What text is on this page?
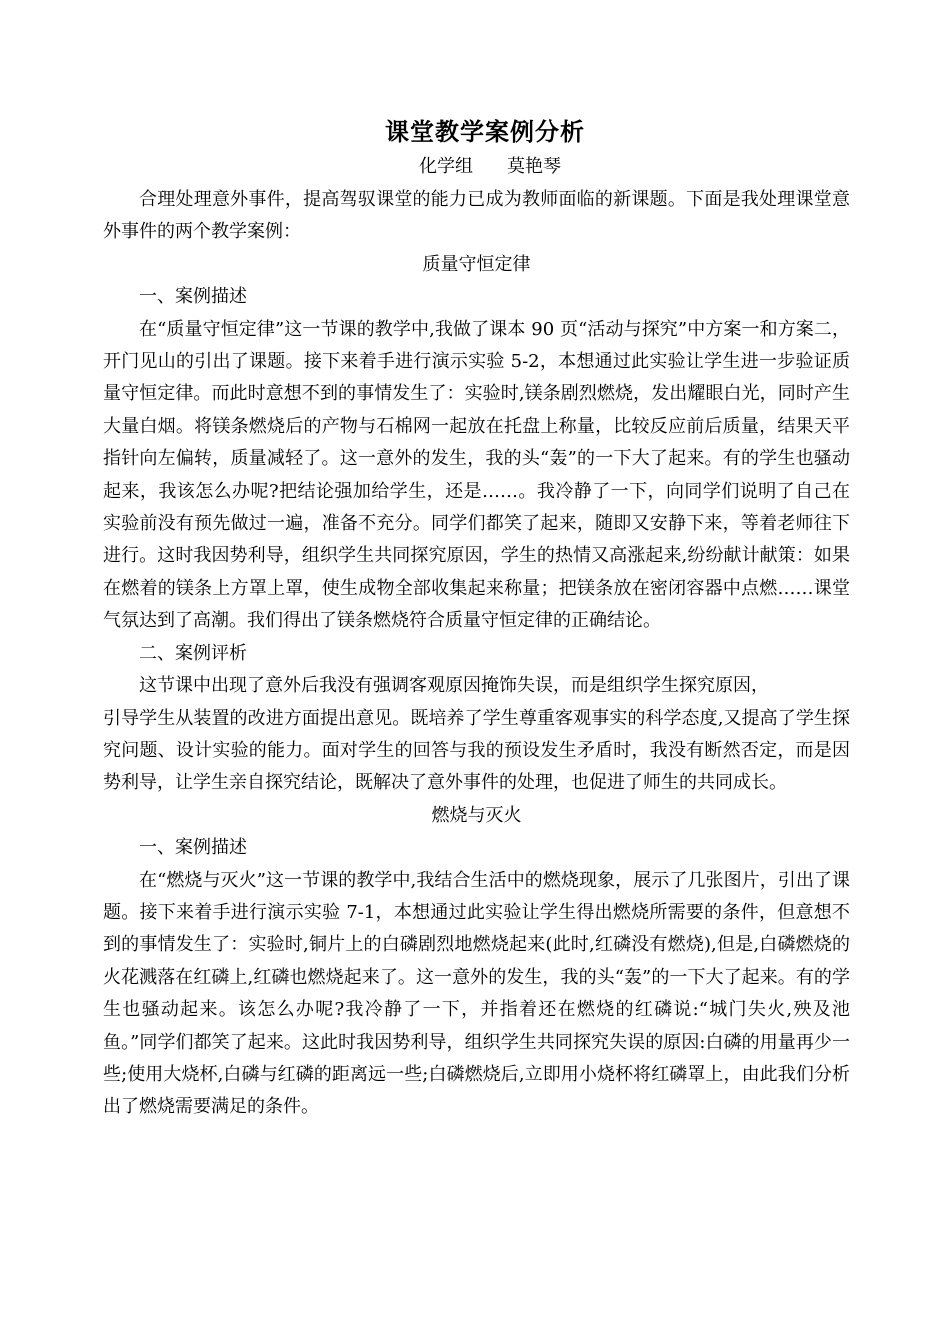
课堂教学案例分析
化学组 莫艳琴

合理处理意外事件，提高驾驭课堂的能力已成为教师面临的新课题。下面是我处理课堂意外事件的两个教学案例：

质量守恒定律

一、案例描述

在“质量守恒定律”这一节课的教学中,我做了课本 90 页“活动与探究”中方案一和方案二，开门见山的引出了课题。接下来着手进行演示实验 5-2，本想通过此实验让学生进一步验证质量守恒定律。而此时意想不到的事情发生了：实验时,镁条剧烈燃烧，发出耀眼白光，同时产生大量白烟。将镁条燃烧后的产物与石棉网一起放在托盘上称量，比较反应前后质量，结果天平指针向左偏转，质量减轻了。这一意外的发生，我的头“轰”的一下大了起来。有的学生也骚动起来，我该怎么办呢?把结论强加给学生，还是……。我冷静了一下，向同学们说明了自己在实验前没有预先做过一遍，准备不充分。同学们都笑了起来，随即又安静下来，等着老师往下进行。这时我因势利导，组织学生共同探究原因，学生的热情又高涨起来,纷纷献计献策：如果在燃着的镁条上方罩上罩，使生成物全部收集起来称量；把镁条放在密闭容器中点燃……课堂气氛达到了高潮。我们得出了镁条燃烧符合质量守恒定律的正确结论。

二、案例评析

这节课中出现了意外后我没有强调客观原因掩饰失误，而是组织学生探究原因，

引导学生从装置的改进方面提出意见。既培养了学生尊重客观事实的科学态度,又提高了学生探究问题、设计实验的能力。面对学生的回答与我的预设发生矛盾时，我没有断然否定，而是因势利导，让学生亲自探究结论，既解决了意外事件的处理，也促进了师生的共同成长。

燃烧与灭火

一、案例描述

在“燃烧与灭火”这一节课的教学中,我结合生活中的燃烧现象，展示了几张图片，引出了课题。接下来着手进行演示实验 7-1，本想通过此实验让学生得出燃烧所需要的条件，但意想不到的事情发生了：实验时,铜片上的白磷剧烈地燃烧起来(此时,红磷没有燃烧),但是,白磷燃烧的火花溅落在红磷上,红磷也燃烧起来了。这一意外的发生，我的头“轰”的一下大了起来。有的学生也骚动起来。该怎么办呢?我冷静了一下，并指着还在燃烧的红磷说:“城门失火,殃及池鱼。”同学们都笑了起来。这此时我因势利导，组织学生共同探究失误的原因:白磷的用量再少一些;使用大烧杯,白磷与红磷的距离远一些;白磷燃烧后,立即用小烧杯将红磷罩上，由此我们分析出了燃烧需要满足的条件。
